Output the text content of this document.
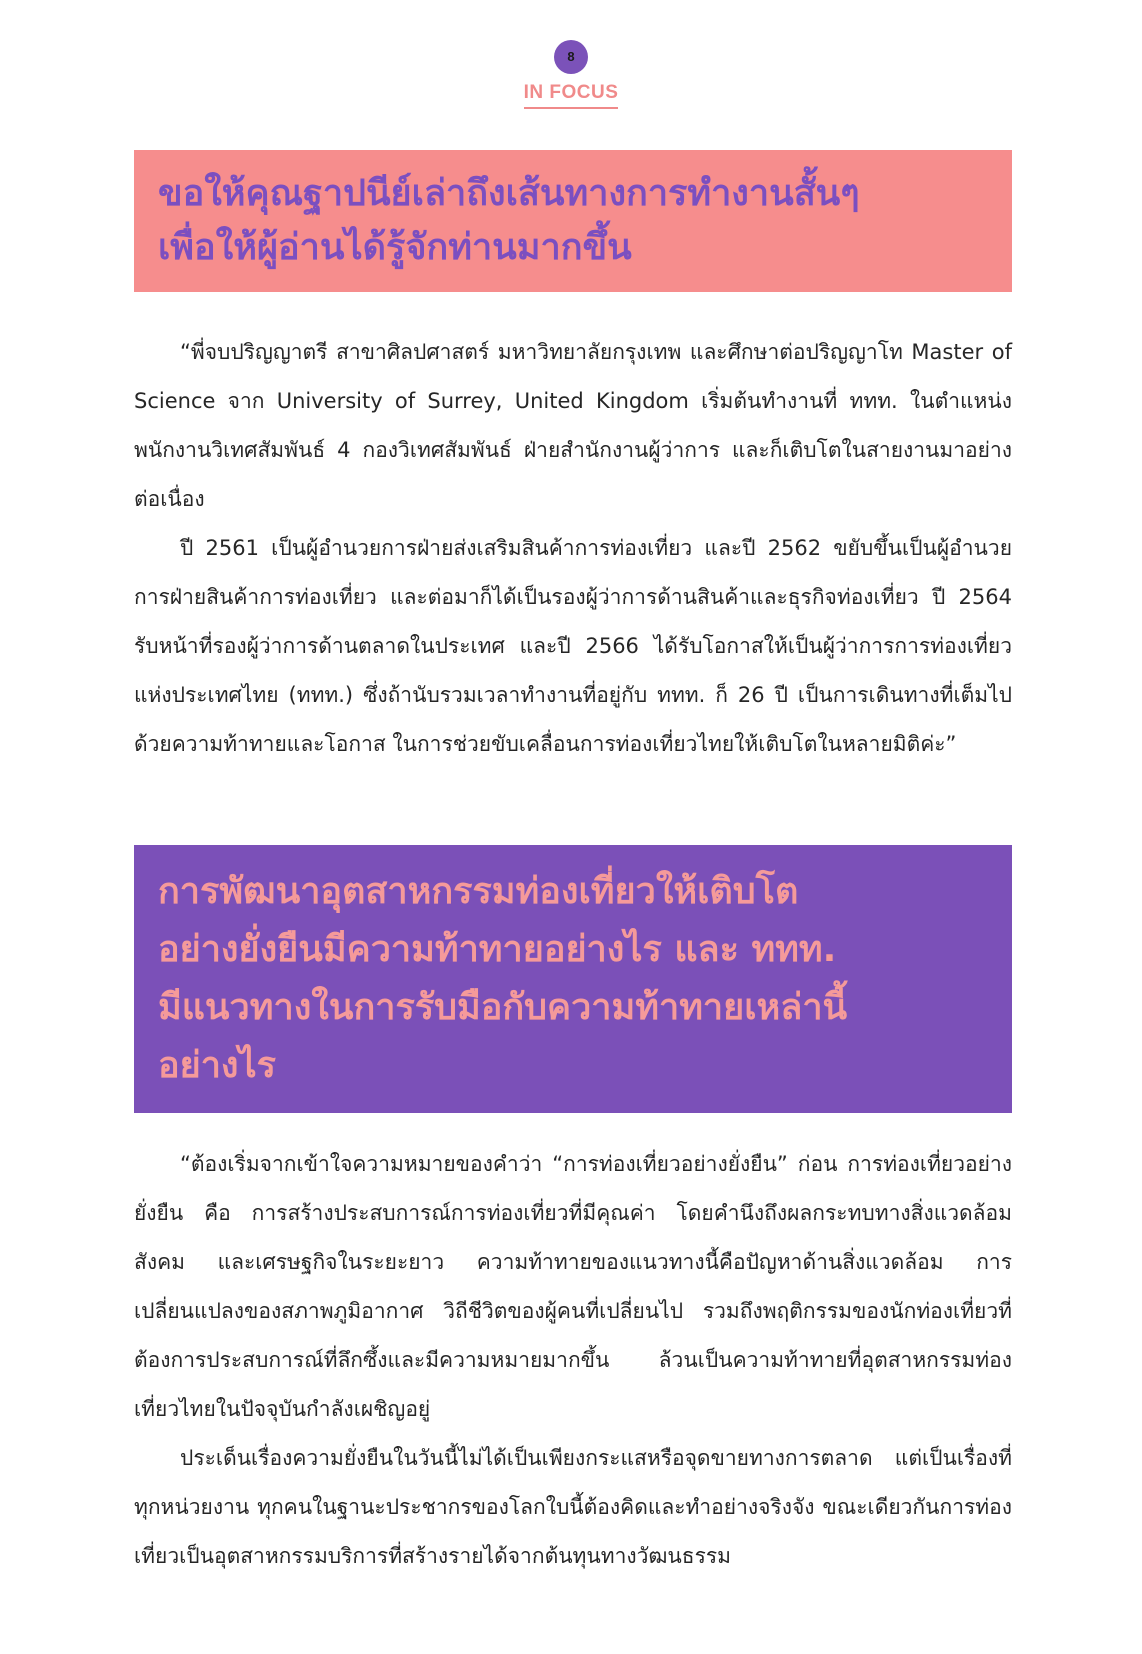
8
IN FOCUS
ขอให้คุณฐาปนีย์เล่าถึงเส้นทางการทำงานสั้นๆ
เพื่อให้ผู้อ่านได้รู้จักท่านมากขึ้น

“พี่จบปริญญาตรี สาขาศิลปศาสตร์ มหาวิทยาลัยกรุงเทพ และศึกษาต่อปริญญาโท Master of Science จาก University of Surrey, United Kingdom เริ่มต้นทำงานที่ ททท. ในตำแหน่งพนักงานวิเทศสัมพันธ์ 4 กองวิเทศสัมพันธ์ ฝ่ายสำนักงานผู้ว่าการ และก็เติบโตในสายงานมาอย่างต่อเนื่อง

ปี 2561 เป็นผู้อำนวยการฝ่ายส่งเสริมสินค้าการท่องเที่ยว และปี 2562 ขยับขึ้นเป็นผู้อำนวยการฝ่ายสินค้าการท่องเที่ยว และต่อมาก็ได้เป็นรองผู้ว่าการด้านสินค้าและธุรกิจท่องเที่ยว ปี 2564 รับหน้าที่รองผู้ว่าการด้านตลาดในประเทศ และปี 2566 ได้รับโอกาสให้เป็นผู้ว่าการการท่องเที่ยวแห่งประเทศไทย (ททท.) ซึ่งถ้านับรวมเวลาทำงานที่อยู่กับ ททท. ก็ 26 ปี เป็นการเดินทางที่เต็มไปด้วยความท้าทายและโอกาส ในการช่วยขับเคลื่อนการท่องเที่ยวไทยให้เติบโตในหลายมิติค่ะ”

การพัฒนาอุตสาหกรรมท่องเที่ยวให้เติบโต
อย่างยั่งยืนมีความท้าทายอย่างไร และ ททท.
มีแนวทางในการรับมือกับความท้าทายเหล่านี้
อย่างไร

“ต้องเริ่มจากเข้าใจความหมายของคำว่า “การท่องเที่ยวอย่างยั่งยืน” ก่อน การท่องเที่ยวอย่างยั่งยืน คือ การสร้างประสบการณ์การท่องเที่ยวที่มีคุณค่า โดยคำนึงถึงผลกระทบทางสิ่งแวดล้อม สังคม และเศรษฐกิจในระยะยาว ความท้าทายของแนวทางนี้คือปัญหาด้านสิ่งแวดล้อม การเปลี่ยนแปลงของสภาพภูมิอากาศ วิถีชีวิตของผู้คนที่เปลี่ยนไป รวมถึงพฤติกรรมของนักท่องเที่ยวที่ต้องการประสบการณ์ที่ลึกซึ้งและมีความหมายมากขึ้น ล้วนเป็นความท้าทายที่อุตสาหกรรมท่องเที่ยวไทยในปัจจุบันกำลังเผชิญอยู่

ประเด็นเรื่องความยั่งยืนในวันนี้ไม่ได้เป็นเพียงกระแสหรือจุดขายทางการตลาด แต่เป็นเรื่องที่ทุกหน่วยงาน ทุกคนในฐานะประชากรของโลกใบนี้ต้องคิดและทำอย่างจริงจัง ขณะเดียวกันการท่องเที่ยวเป็นอุตสาหกรรมบริการที่สร้างรายได้จากต้นทุนทางวัฒนธรรม
